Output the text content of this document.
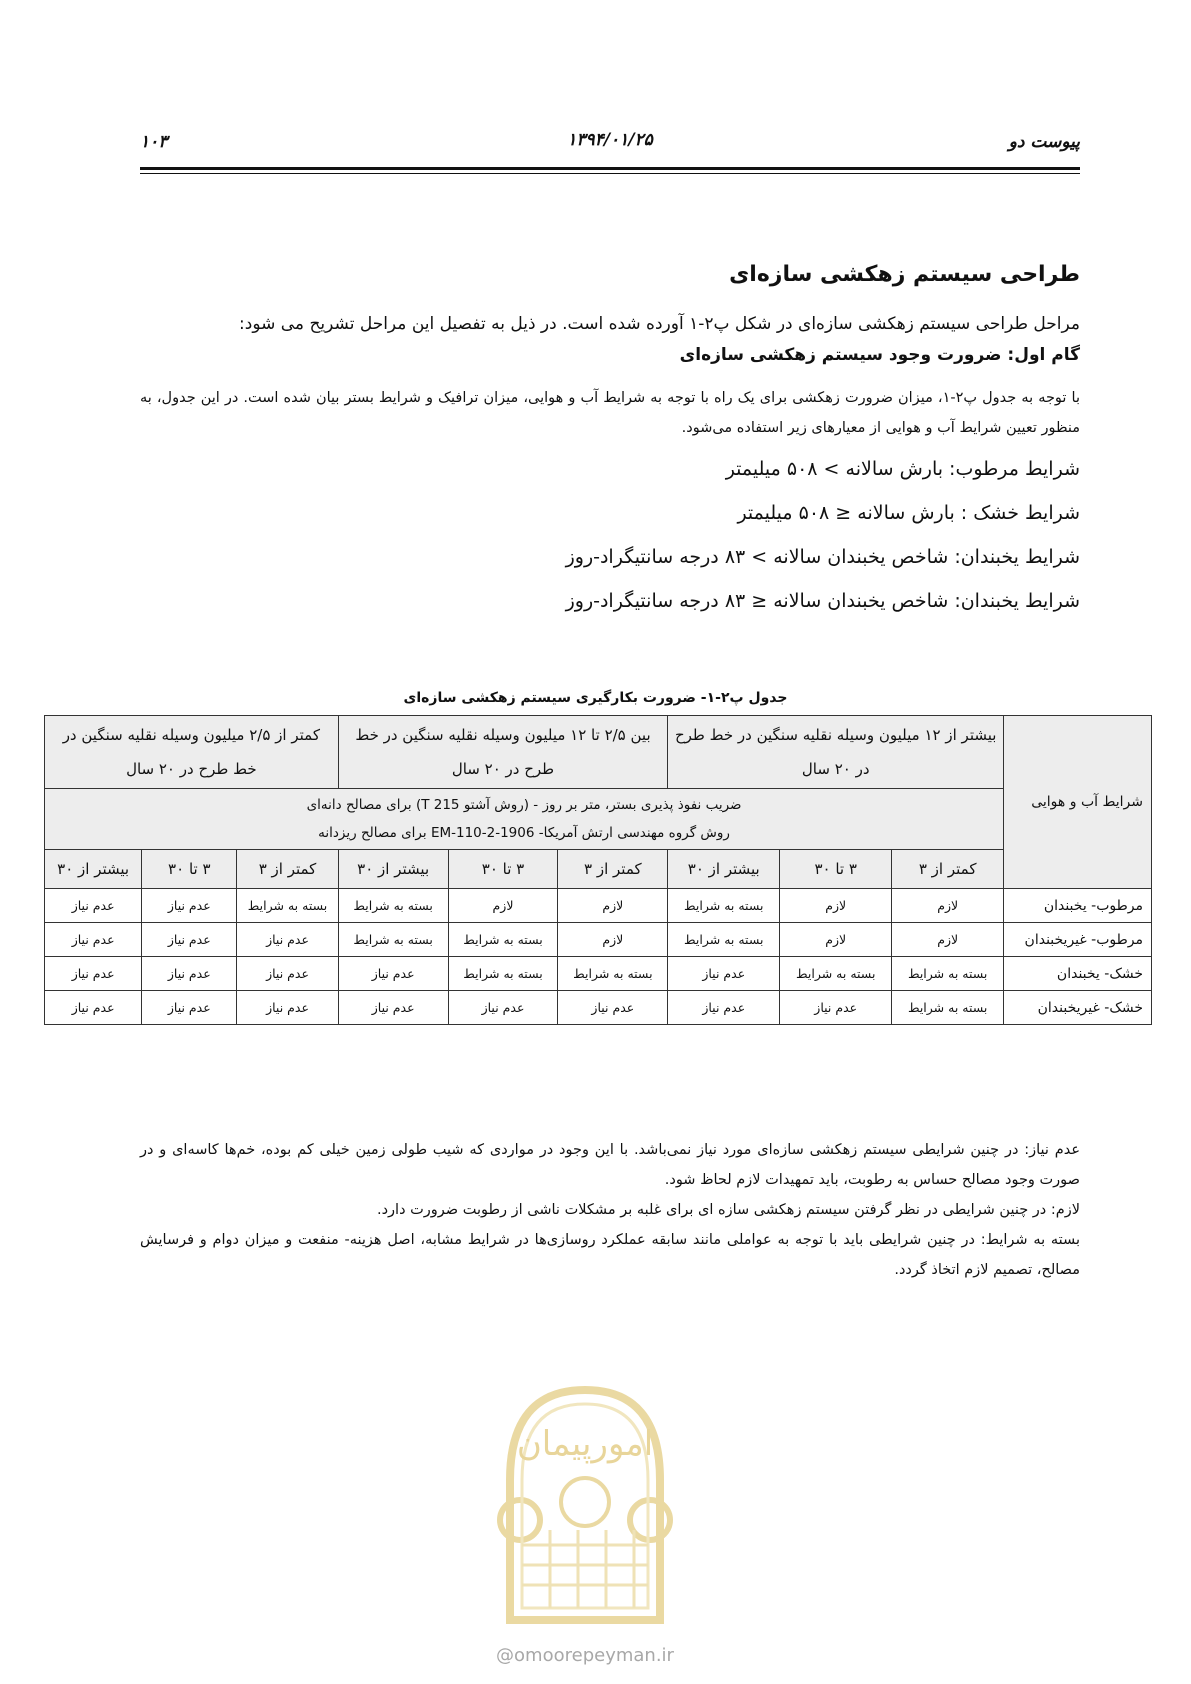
پیوست دو
۱۳۹۴/۰۱/۲۵
۱۰۳
طراحی سیستم زهکشی سازه‌ای

مراحل طراحی سیستم زهکشی سازه‌ای در شکل پ۲-۱ آورده شده است. در ذیل به تفصیل این مراحل تشریح می شود:

گام اول: ضرورت وجود سیستم زهکشی سازه‌ای

با توجه به جدول پ۲-۱، میزان ضرورت زهکشی برای یک راه با توجه به شرایط آب و هوایی، میزان ترافیک و شرایط بستر بیان شده است. در این جدول، به منظور تعیین شرایط آب و هوایی از معیارهای زیر استفاده می‌شود.

شرایط مرطوب: بارش سالانه > ۵۰۸ میلیمتر
شرایط خشک : بارش سالانه ≤ ۵۰۸ میلیمتر
شرایط یخبندان: شاخص یخبندان سالانه > ۸۳ درجه سانتیگراد-روز
شرایط یخبندان: شاخص یخبندان سالانه ≤ ۸۳ درجه سانتیگراد-روز
جدول پ۲-۱- ضرورت بکارگیری سیستم زهکشی سازه‌ای
شرایط آب و هوایی	بیشتر از ۱۲ میلیون وسیله نقلیه سنگین در خط طرح در ۲۰ سال			بین ۲/۵ تا ۱۲ میلیون وسیله نقلیه سنگین در خط طرح در ۲۰ سال			کمتر از ۲/۵ میلیون وسیله نقلیه سنگین در خط طرح در ۲۰ سال		

	ضریب نفوذ پذیری بستر، متر بر روز - (روش آشتو T 215) برای مصالح دانه‌ای
روش گروه مهندسی ارتش آمریکا- EM-110-2-1906 برای مصالح ریزدانه								

	کمتر از ۳	۳ تا ۳۰	بیشتر از ۳۰	کمتر از ۳	۳ تا ۳۰	بیشتر از ۳۰	کمتر از ۳	۳ تا ۳۰	بیشتر از ۳۰
مرطوب- یخبندان	لازم	لازم	بسته به شرایط	لازم	لازم	بسته به شرایط	بسته به شرایط	عدم نیاز	عدم نیاز
مرطوب- غیریخبندان	لازم	لازم	بسته به شرایط	لازم	بسته به شرایط	بسته به شرایط	عدم نیاز	عدم نیاز	عدم نیاز
خشک- یخبندان	بسته به شرایط	بسته به شرایط	عدم نیاز	بسته به شرایط	بسته به شرایط	عدم نیاز	عدم نیاز	عدم نیاز	عدم نیاز
خشک- غیریخبندان	بسته به شرایط	عدم نیاز	عدم نیاز	عدم نیاز	عدم نیاز	عدم نیاز	عدم نیاز	عدم نیاز	عدم نیاز

عدم نیاز: در چنین شرایطی سیستم زهکشی سازه‌ای مورد نیاز نمی‌باشد. با این وجود در مواردی که شیب طولی زمین خیلی کم بوده، خم‌ها کاسه‌ای و در صورت وجود مصالح حساس به رطوبت، باید تمهیدات لازم لحاظ شود.

لازم: در چنین شرایطی در نظر گرفتن سیستم زهکشی سازه ای برای غلبه بر مشکلات ناشی از رطوبت ضرورت دارد.

بسته به شرایط: در چنین شرایطی باید با توجه به عواملی مانند سابقه عملکرد روسازی‌ها در شرایط مشابه، اصل هزینه- منفعت و میزان دوام و فرسایش مصالح، تصمیم لازم اتخاذ گردد.

امورپیمان
@omoorepeyman.ir
